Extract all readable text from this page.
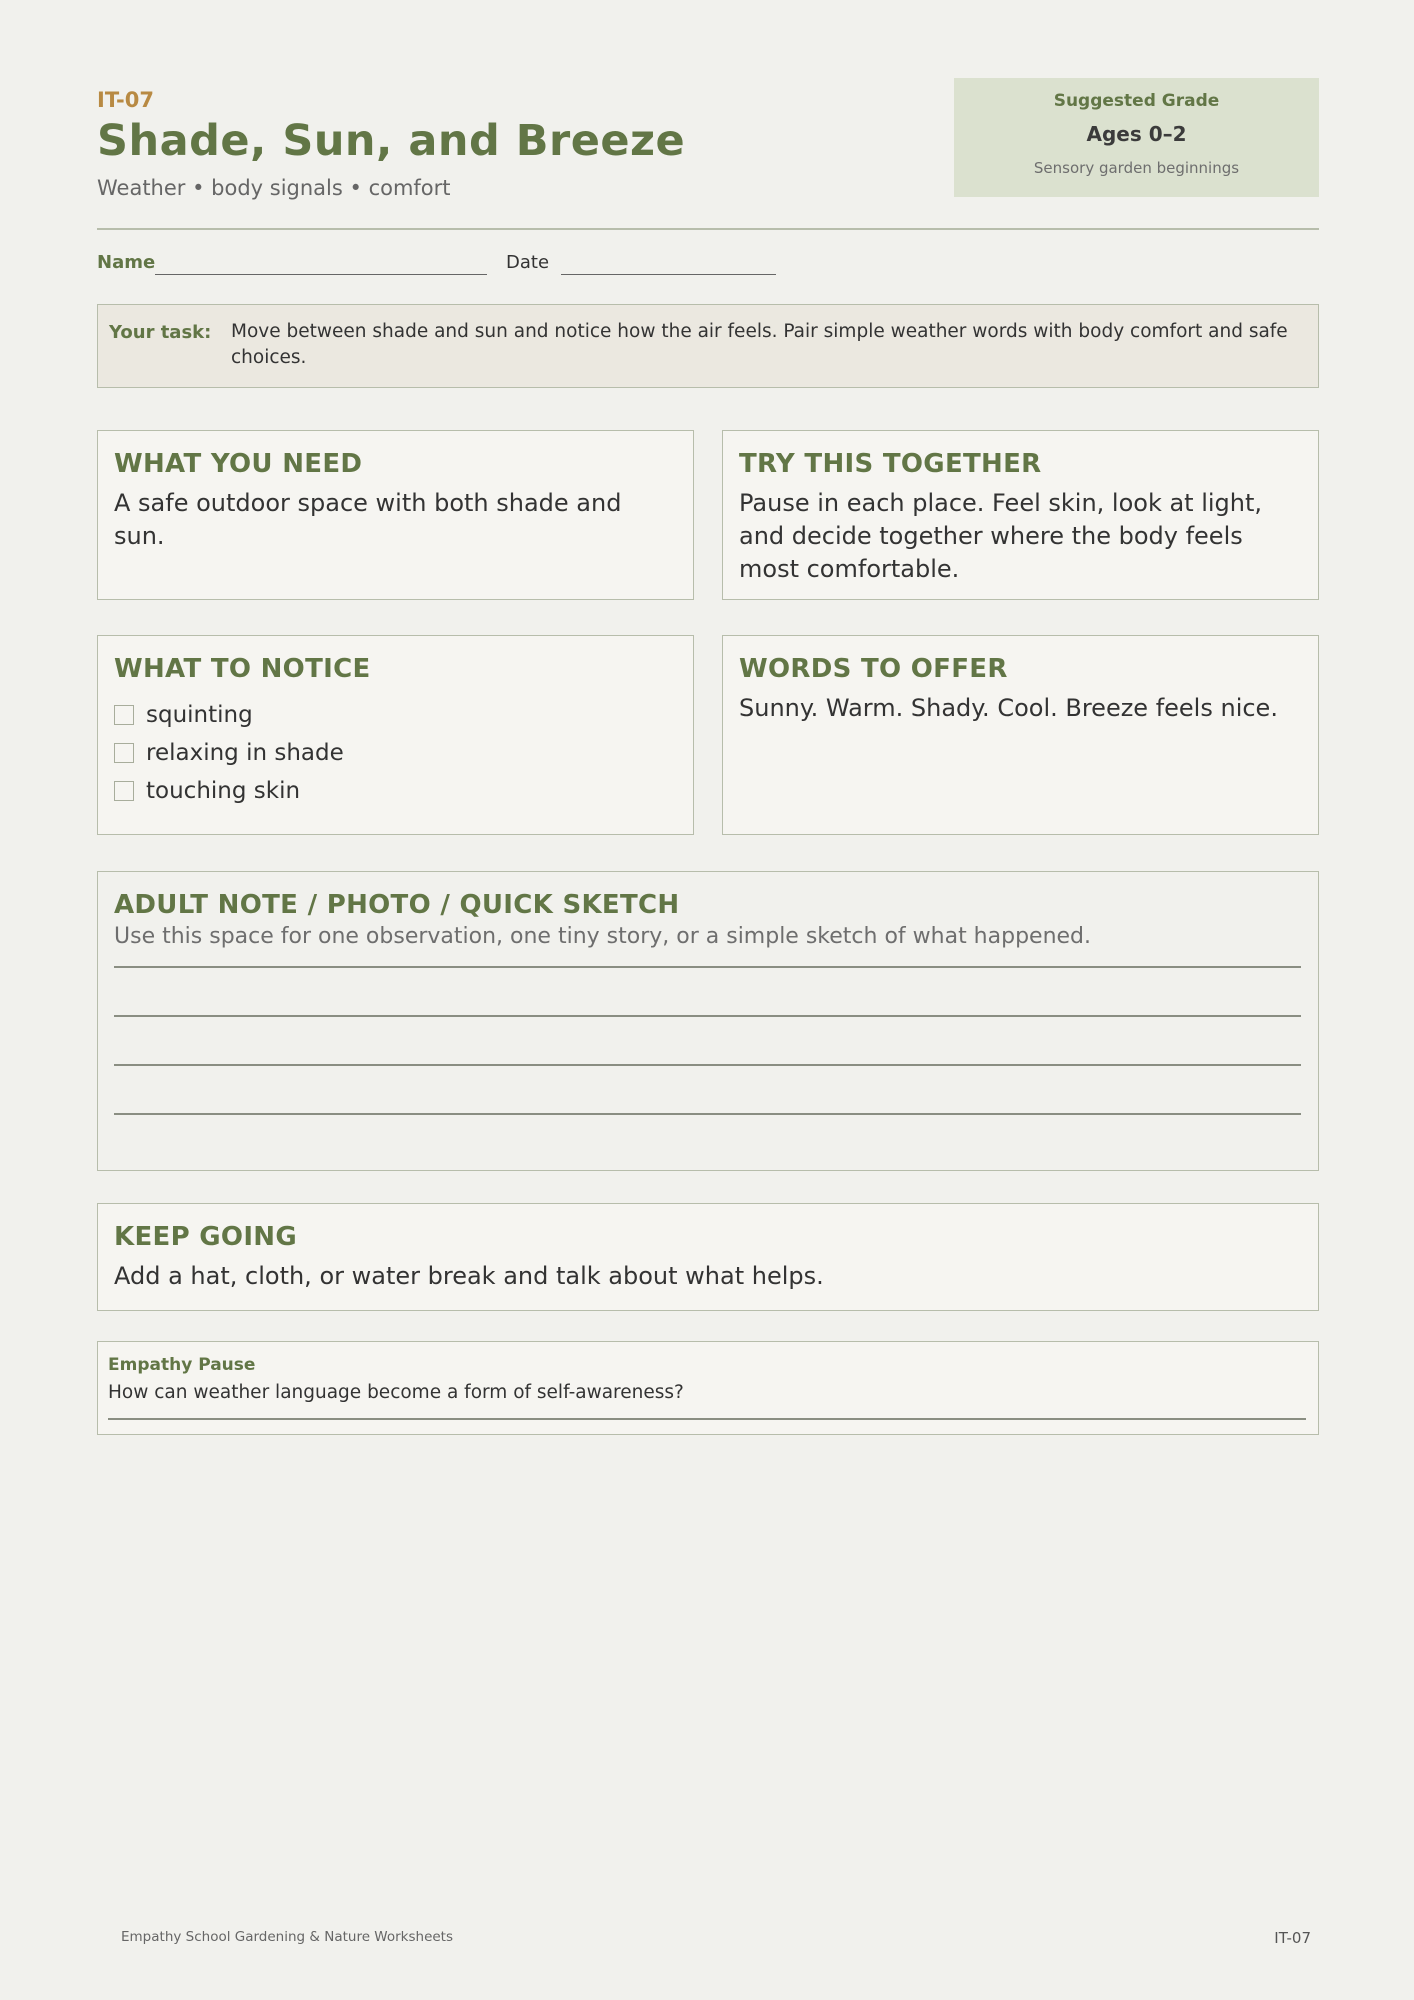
IT-07
Shade, Sun, and Breeze
Weather • body signals • comfort
Suggested Grade
Ages 0–2
Sensory garden beginnings
Name	Date
Your task: Move between shade and sun and notice how the air feels. Pair simple weather words with body comfort and safe choices.
WHAT YOU NEED

A safe outdoor space with both shade and sun.

TRY THIS TOGETHER

Pause in each place. Feel skin, look at light, and decide together where the body feels most comfortable.

WHAT TO NOTICE
squinting
relaxing in shade
touching skin
WORDS TO OFFER

Sunny. Warm. Shady. Cool. Breeze feels nice.

ADULT NOTE / PHOTO / QUICK SKETCH
Use this space for one observation, one tiny story, or a simple sketch of what happened.
KEEP GOING

Add a hat, cloth, or water break and talk about what helps.

Empathy Pause
How can weather language become a form of self-awareness?
Empathy School Gardening & Nature Worksheets	IT-07
